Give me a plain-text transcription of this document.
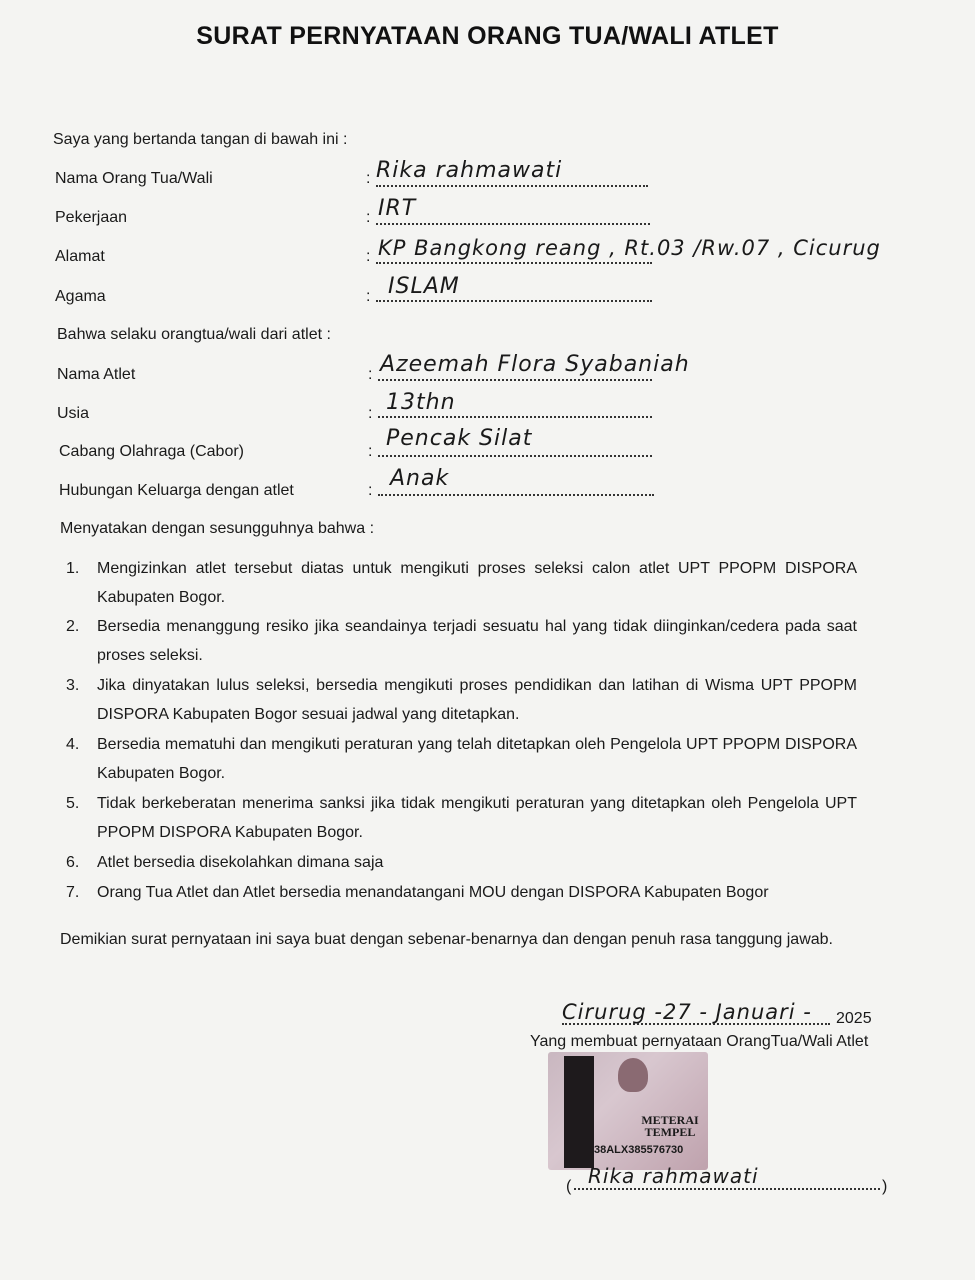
SURAT PERNYATAAN ORANG TUA/WALI ATLET
Saya yang bertanda tangan di bawah ini :
Nama Orang Tua/Wali	: Rika rahmawati
Pekerjaan	: IRT
Alamat	: KP Bangkong reang , Rt.03 /Rw.07 , Cicurug
Agama	: ISLAM
Bahwa selaku orangtua/wali dari atlet :
Nama Atlet	: Azeemah Flora Syabaniah
Usia	: 13thn
Cabang Olahraga (Cabor)	:
Pencak Silat
Hubungan Keluarga dengan atlet	: Anak
Menyatakan dengan sesungguhnya bahwa :
1. Mengizinkan atlet tersebut diatas untuk mengikuti proses seleksi calon atlet UPT PPOPM DISPORA Kabupaten Bogor.
2. Bersedia menanggung resiko jika seandainya terjadi sesuatu hal yang tidak diinginkan/cedera pada saat proses seleksi.
3. Jika dinyatakan lulus seleksi, bersedia mengikuti proses pendidikan dan latihan di Wisma UPT PPOPM DISPORA Kabupaten Bogor sesuai jadwal yang ditetapkan.
4. Bersedia mematuhi dan mengikuti peraturan yang telah ditetapkan oleh Pengelola UPT PPOPM DISPORA Kabupaten Bogor.
5. Tidak berkeberatan menerima sanksi jika tidak mengikuti peraturan yang ditetapkan oleh Pengelola UPT PPOPM DISPORA Kabupaten Bogor.
6. Atlet bersedia disekolahkan dimana saja
7. Orang Tua Atlet dan Atlet bersedia menandatangani MOU dengan DISPORA Kabupaten Bogor
Demikian surat pernyataan ini saya buat dengan sebenar-benarnya dan dengan penuh rasa tanggung jawab.
Cirurug -27 - Januari - 2025
Yang membuat pernyataan OrangTua/Wali Atlet
METERAI TEMPEL
38ALX385576730
( Rika rahmawati	)
